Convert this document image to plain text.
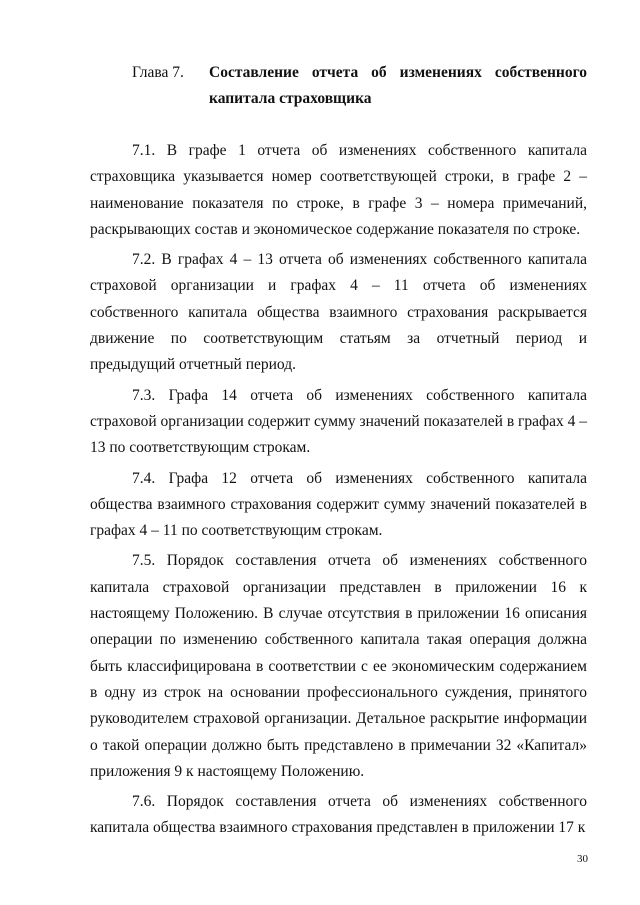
Глава 7. Составление отчета об изменениях собственного капитала страховщика

7.1. В графе 1 отчета об изменениях собственного капитала страховщика указывается номер соответствующей строки, в графе 2 – наименование показателя по строке, в графе 3 – номера примечаний, раскрывающих состав и экономическое содержание показателя по строке.

7.2. В графах 4 – 13 отчета об изменениях собственного капитала страховой организации и графах 4 – 11 отчета об изменениях собственного капитала общества взаимного страхования раскрывается движение по соответствующим статьям за отчетный период и предыдущий отчетный период.

7.3. Графа 14 отчета об изменениях собственного капитала страховой организации содержит сумму значений показателей в графах 4 – 13 по соответствующим строкам.

7.4. Графа 12 отчета об изменениях собственного капитала общества взаимного страхования содержит сумму значений показателей в графах 4 – 11 по соответствующим строкам.

7.5. Порядок составления отчета об изменениях собственного капитала страховой организации представлен в приложении 16 к настоящему Положению. В случае отсутствия в приложении 16 описания операции по изменению собственного капитала такая операция должна быть классифицирована в соответствии с ее экономическим содержанием в одну из строк на основании профессионального суждения, принятого руководителем страховой организации. Детальное раскрытие информации о такой операции должно быть представлено в примечании 32 «Капитал» приложения 9 к настоящему Положению.

7.6. Порядок составления отчета об изменениях собственного капитала общества взаимного страхования представлен в приложении 17 к

30
